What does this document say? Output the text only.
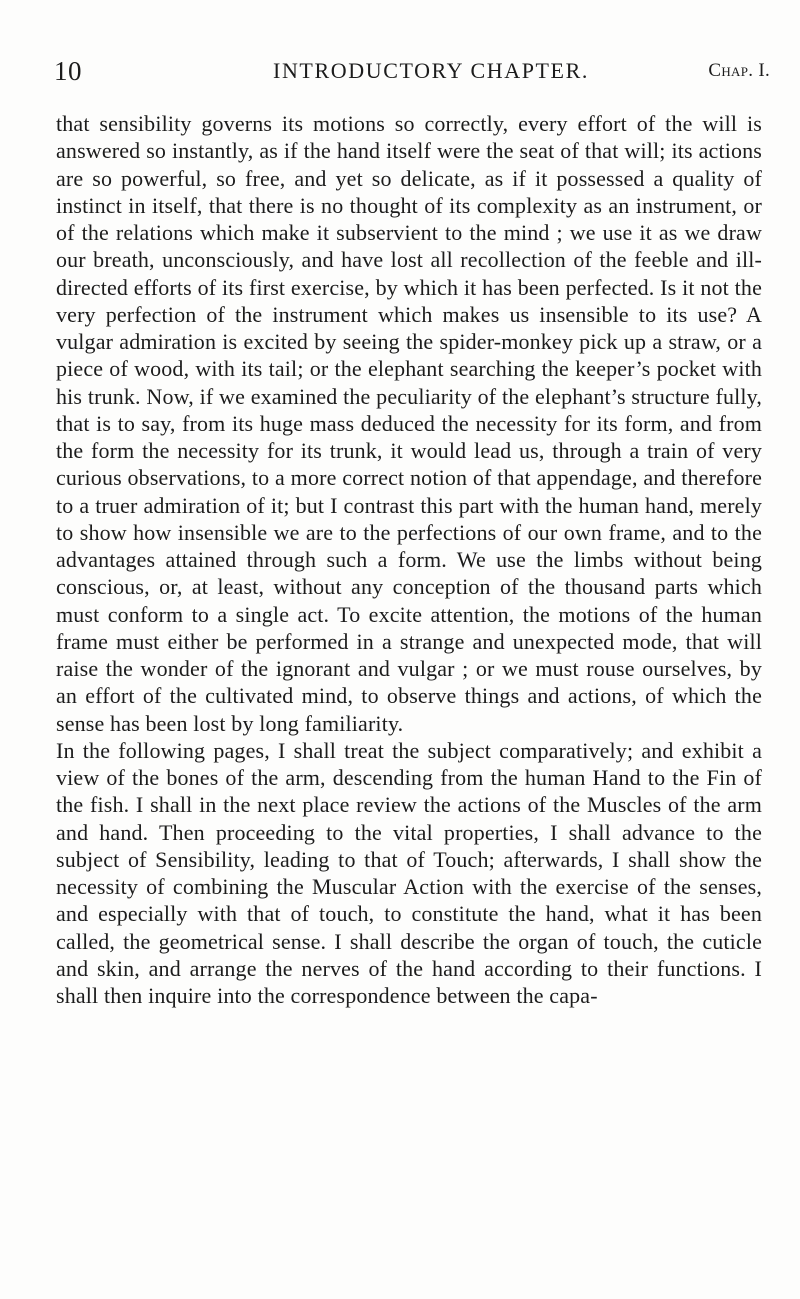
10	INTRODUCTORY CHAPTER.	Chap. I.

that sensibility governs its motions so correctly, every effort of the will is answered so instantly, as if the hand itself were the seat of that will; its actions are so powerful, so free, and yet so delicate, as if it possessed a quality of instinct in itself, that there is no thought of its complexity as an instrument, or of the relations which make it subservient to the mind ; we use it as we draw our breath, unconsciously, and have lost all recollection of the feeble and ill-directed efforts of its first exercise, by which it has been perfected. Is it not the very perfection of the instrument which makes us insensible to its use? A vulgar admiration is excited by seeing the spider-monkey pick up a straw, or a piece of wood, with its tail; or the elephant searching the keeper’s pocket with his trunk. Now, if we examined the peculiarity of the elephant’s structure fully, that is to say, from its huge mass deduced the necessity for its form, and from the form the necessity for its trunk, it would lead us, through a train of very curious observations, to a more correct notion of that appendage, and therefore to a truer admiration of it; but I contrast this part with the human hand, merely to show how insensible we are to the perfections of our own frame, and to the advantages attained through such a form. We use the limbs without being conscious, or, at least, without any conception of the thousand parts which must conform to a single act. To excite attention, the motions of the human frame must either be performed in a strange and unexpected mode, that will raise the wonder of the ignorant and vulgar ; or we must rouse ourselves, by an effort of the cultivated mind, to observe things and actions, of which the sense has been lost by long familiarity.

In the following pages, I shall treat the subject comparatively; and exhibit a view of the bones of the arm, descending from the human Hand to the Fin of the fish. I shall in the next place review the actions of the Muscles of the arm and hand. Then proceeding to the vital properties, I shall advance to the subject of Sensibility, leading to that of Touch; afterwards, I shall show the necessity of combining the Muscular Action with the exercise of the senses, and especially with that of touch, to constitute the hand, what it has been called, the geometrical sense. I shall describe the organ of touch, the cuticle and skin, and arrange the nerves of the hand according to their functions. I shall then inquire into the correspondence between the capa-
